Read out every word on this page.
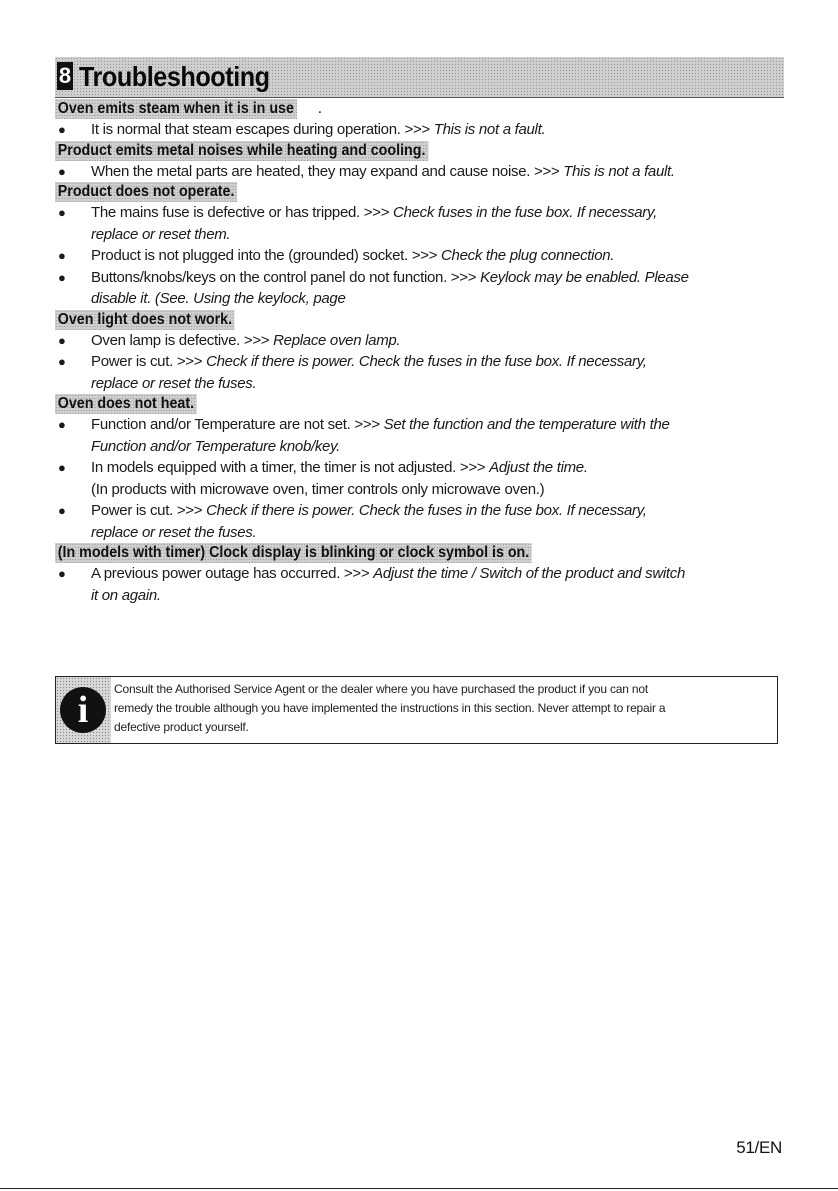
8 Troubleshooting
Oven emits steam when it is in use .
● It is normal that steam escapes during operation. >>> This is not a fault.
Product emits metal noises while heating and cooling.
● When the metal parts are heated, they may expand and cause noise. >>> This is not a fault.
Product does not operate.
● The mains fuse is defective or has tripped. >>> Check fuses in the fuse box. If necessary,
replace or reset them.
● Product is not plugged into the (grounded) socket. >>> Check the plug connection.
● Buttons/knobs/keys on the control panel do not function. >>> Keylock may be enabled. Please
disable it. (See. Using the keylock, page
Oven light does not work.
● Oven lamp is defective. >>> Replace oven lamp.
● Power is cut. >>> Check if there is power. Check the fuses in the fuse box. If necessary,
replace or reset the fuses.
Oven does not heat.
● Function and/or Temperature are not set. >>> Set the function and the temperature with the
Function and/or Temperature knob/key.
● In models equipped with a timer, the timer is not adjusted. >>> Adjust the time.
(In products with microwave oven, timer controls only microwave oven.)
● Power is cut. >>> Check if there is power. Check the fuses in the fuse box. If necessary,
replace or reset the fuses.
(In models with timer) Clock display is blinking or clock symbol is on.
● A previous power outage has occurred. >>> Adjust the time / Switch of the product and switch
it on again.
i	Consult the Authorised Service Agent or the dealer where you have purchased the product if you can not
remedy the trouble although you have implemented the instructions in this section. Never attempt to repair a
defective product yourself.
51/EN
